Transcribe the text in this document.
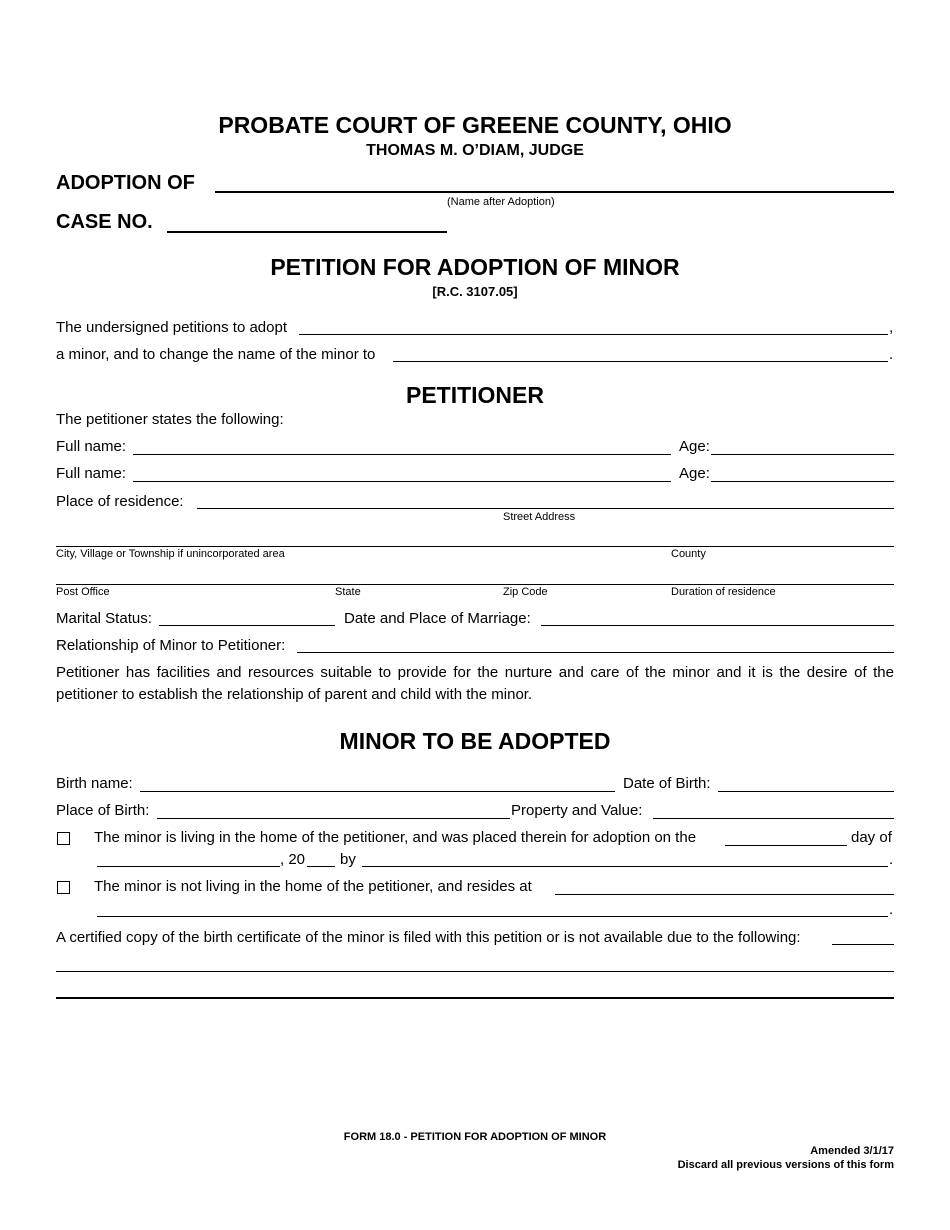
PROBATE COURT OF GREENE COUNTY, OHIO
THOMAS M. O’DIAM, JUDGE
ADOPTION OF
(Name after Adoption)
CASE NO.
PETITION FOR ADOPTION OF MINOR
[R.C. 3107.05]
The undersigned petitions to adopt	,
a minor, and to change the name of the minor to	.
PETITIONER
The petitioner states the following:
Full name:	Age:
Full name:	Age:
Place of residence:
Street Address
City, Village or Township if unincorporated area	County
Post Office	State	Zip Code	Duration of residence
Marital Status:	Date and Place of Marriage:
Relationship of Minor to Petitioner:
Petitioner has facilities and resources suitable to provide for the nurture and care of the minor and it is the desire of the
petitioner to establish the relationship of parent and child with the minor.
MINOR TO BE ADOPTED
Birth name:	Date of Birth:
Place of Birth:	Property and Value:
The minor is living in the home of the petitioner, and was placed therein for adoption on the	day of
, 20 by	.
The minor is not living in the home of the petitioner, and resides at
.
A certified copy of the birth certificate of the minor is filed with this petition or is not available due to the following:
FORM 18.0 - PETITION FOR ADOPTION OF MINOR
Amended 3/1/17
Discard all previous versions of this form
